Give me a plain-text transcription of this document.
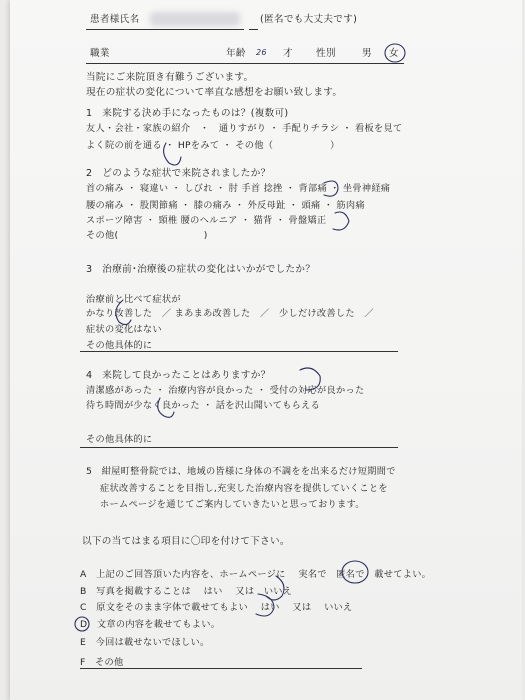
患者様氏名	(匿名でも大丈夫です)
職業	年齢 26 才 性別	男 女
当院にご来院頂き有難うございます。
現在の症状の変化について率直な感想をお願い致します。
1　来院する決め手になったものは？(複数可)
友人・会社・家族の紹介　・　通りすがり ・ 手配りチラシ ・ 看板を見て
よく院の前を通る ・ HPをみて ・ その他（　　　　　　）
2　どのような症状で来院されましたか？
首の痛み ・ 寝違い ・ しびれ ・ 肘 手首 捻挫 ・ 背部痛 ・ 坐骨神経痛
腰の痛み ・ 股関節痛 ・ 膝の痛み ・ 外反母趾 ・ 頭痛 ・ 筋肉痛
スポーツ障害 ・ 頸椎 腰のヘルニア ・ 猫背 ・ 骨盤矯正
その他(　　　　　　　　　)
3　治療前･治療後の症状の変化はいかがでしたか？
治療前と比べて症状が
かなり改善した　／ まあまあ改善した　／　少しだけ改善した　／
症状の変化はない
その他具体的に
4　来院して良かったことはありますか？
清潔感があった ・ 治療内容が良かった ・ 受付の対応が良かった
待ち時間が少なく良かった ・ 話を沢山聞いてもらえる
その他具体的に
5　紺屋町整骨院では、地域の皆様に身体の不調をを出来るだけ短期間で
症状改善することを目指し,充実した治療内容を提供していくことを
ホームページを通じてご案内していきたいと思っております。
以下の当てはまる項目に〇印を付けて下さい。
A　上記のご回答頂いた内容を、ホームページに　 実名で　匿名で　載せてよい。
B　写真を掲載することは　 はい　 又は　いいえ
C　原文をそのまま字体で載せてもよい　 はい　 又は　 いいえ
D　文章の内容を載せてもよい。
E　今回は載せないでほしい。
F　その他
